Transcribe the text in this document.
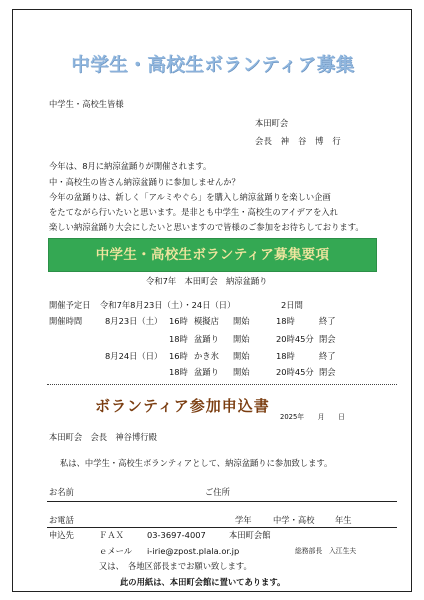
中学生・高校生ボランティア募集
中学生・高校生皆様
本田町会
会長　神　谷　博　行
今年は、8月に納涼盆踊りが開催されます。
中・高校生の皆さん納涼盆踊りに参加しませんか？
今年の盆踊りは、新しく「アルミやぐら」を購入し納涼盆踊りを楽しい企画
をたてながら行いたいと思います。是非とも中学生・高校生のアイデアを入れ
楽しい納涼盆踊り大会にしたいと思いますので皆様のご参加をお待ちしております。
中学生・高校生ボランティア募集要項
令和7年　本田町会　納涼盆踊り
開催予定日 令和7年8月23日（土）・24日（日）	2日間
開催時間	8月23日（土） 16時 模擬店 開始	18時	終了
18時 盆踊り 開始	20時45分 閉会
8月24日（日） 16時 かき氷 開始	18時	終了
18時 盆踊り 開始	20時45分 閉会
ボランティア参加申込書
2025年　　月　　日
本田町会　会長　神谷博行殿
私は、中学生・高校生ボランティアとして、納涼盆踊りに参加致します。
お名前	ご住所
お電話	学年	中学・高校 年生
申込先	ＦＡＸ	03-3697-4007	本田町会館
ｅメール i-irie@zpost.plala.or.jp	総務部長　入江生夫
又は、　各地区部長までお願い致します。
此の用紙は、本田町会館に置いてあります。
